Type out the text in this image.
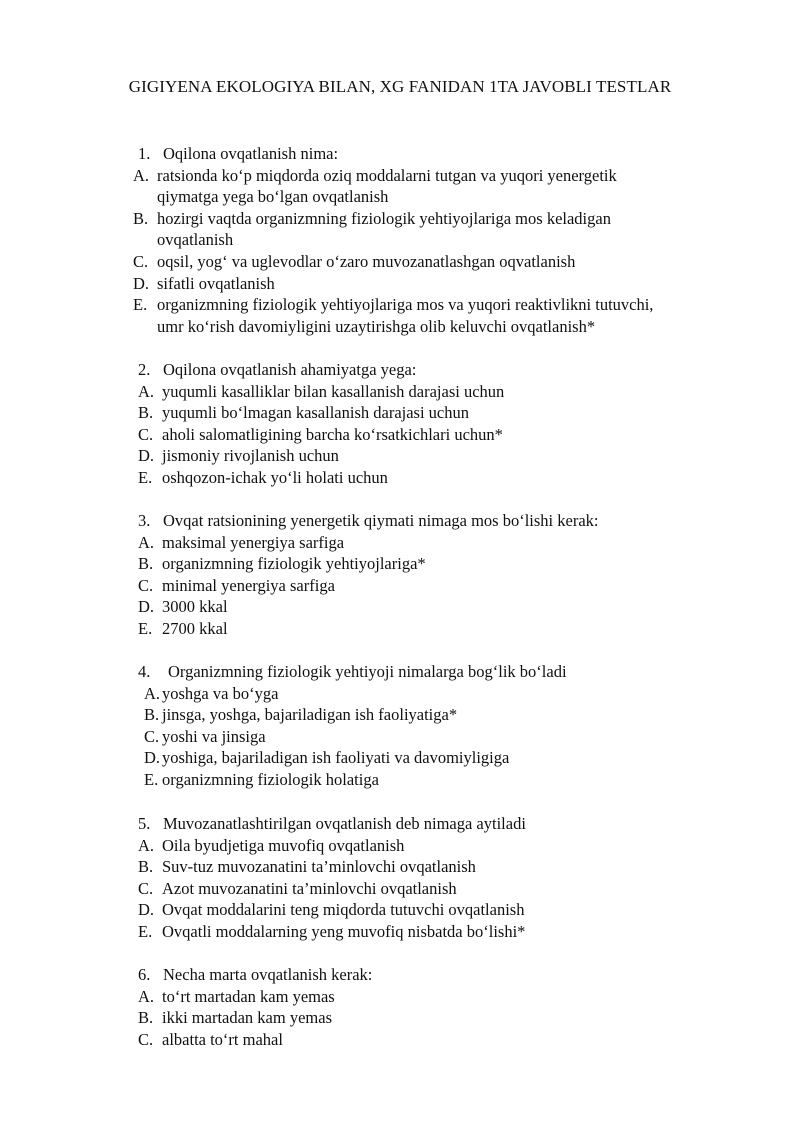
GIGIYENA EKOLOGIYA BILAN, XG FANIDAN 1TA JAVOBLI TESTLAR
1. Oqilona ovqatlanish nima:
A. ratsionda ko‘p miqdorda oziq moddalarni tutgan va yuqori yenergetik
qiymatga yega bo‘lgan ovqatlanish
B. hozirgi vaqtda organizmning fiziologik yehtiyojlariga mos keladigan
ovqatlanish
C. oqsil, yog‘ va uglevodlar o‘zaro muvozanatlashgan oqvatlanish
D. sifatli ovqatlanish
E. organizmning fiziologik yehtiyojlariga mos va yuqori reaktivlikni tutuvchi,
umr ko‘rish davomiyligini uzaytirishga olib keluvchi ovqatlanish*
2. Oqilona ovqatlanish ahamiyatga yega:
A. yuqumli kasalliklar bilan kasallanish darajasi uchun
B. yuqumli bo‘lmagan kasallanish darajasi uchun
C. aholi salomatligining barcha ko‘rsatkichlari uchun*
D. jismoniy rivojlanish uchun
E. oshqozon-ichak yo‘li holati uchun
3. Ovqat ratsionining yenergetik qiymati nimaga mos bo‘lishi kerak:
A. maksimal yenergiya sarfiga
B. organizmning fiziologik yehtiyojlariga*
C. minimal yenergiya sarfiga
D. 3000 kkal
E. 2700 kkal
4. Organizmning fiziologik yehtiyoji nimalarga bog‘lik bo‘ladi
A. yoshga va bo‘yga
B. jinsga, yoshga, bajariladigan ish faoliyatiga*
C. yoshi va jinsiga
D. yoshiga, bajariladigan ish faoliyati va davomiyligiga
E. organizmning fiziologik holatiga
5. Muvozanatlashtirilgan ovqatlanish deb nimaga aytiladi
A. Oila byudjetiga muvofiq ovqatlanish
B. Suv-tuz muvozanatini ta’minlovchi ovqatlanish
C. Azot muvozanatini ta’minlovchi ovqatlanish
D. Ovqat moddalarini teng miqdorda tutuvchi ovqatlanish
E. Ovqatli moddalarning yeng muvofiq nisbatda bo‘lishi*
6. Necha marta ovqatlanish kerak:
A. to‘rt martadan kam yemas
B. ikki martadan kam yemas
C. albatta to‘rt mahal
